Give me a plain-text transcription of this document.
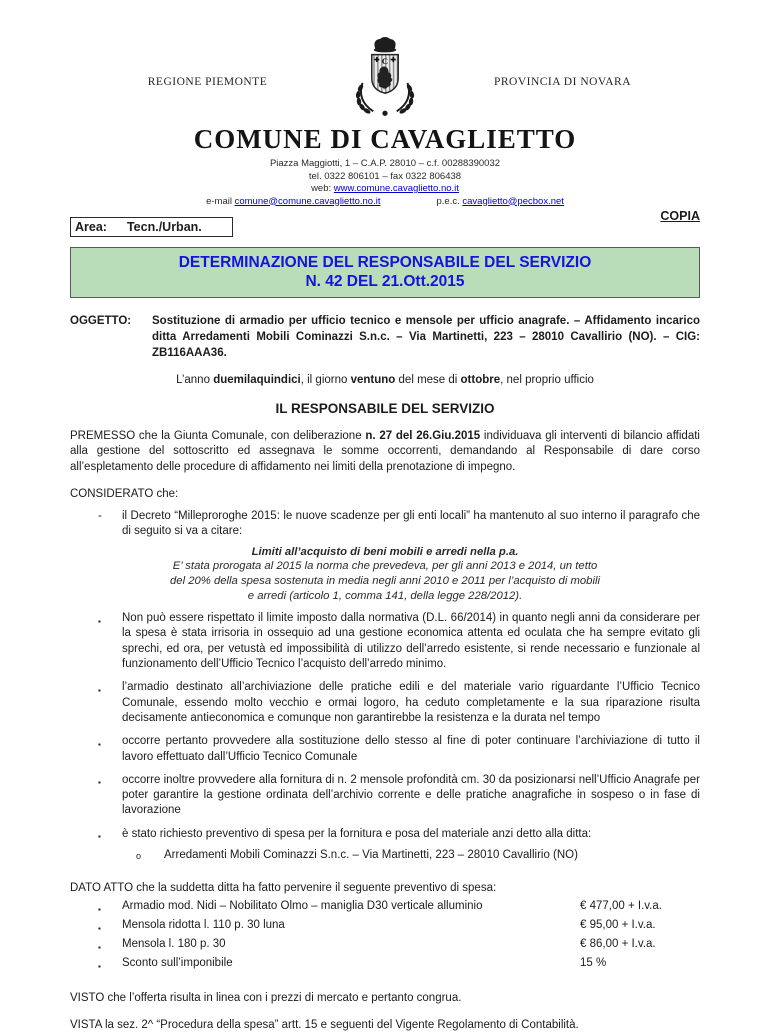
REGIONE PIEMONTE
C
PROVINCIA DI NOVARA
COMUNE DI CAVAGLIETTO
Piazza Maggiotti, 1 – C.A.P. 28010 – c.f. 00288390032
tel. 0322 806101 – fax 0322 806438
web: www.comune.cavaglietto.no.it
e-mail comune@comune.cavaglietto.no.it	p.e.c. cavaglietto@pecbox.net
COPIA
Area: Tecn./Urban.
DETERMINAZIONE DEL RESPONSABILE DEL SERVIZIO
N. 42 DEL 21.Ott.2015
OGGETTO:	Sostituzione di armadio per ufficio tecnico e mensole per ufficio anagrafe. – Affidamento incarico ditta Arredamenti Mobili Cominazzi S.n.c. – Via Martinetti, 223 – 28010 Cavallirio (NO). – CIG: ZB116AAA36.
L’anno duemilaquindici, il giorno ventuno del mese di ottobre, nel proprio ufficio
IL RESPONSABILE DEL SERVIZIO
PREMESSO che la Giunta Comunale, con deliberazione n. 27 del 26.Giu.2015 individuava gli interventi di bilancio affidati alla gestione del sottoscritto ed assegnava le somme occorrenti, demandando al Responsabile di dare corso all’espletamento delle procedure di affidamento nei limiti della prenotazione di impegno.
CONSIDERATO che:
-	il Decreto “Milleproroghe 2015: le nuove scadenze per gli enti locali” ha mantenuto al suo interno il paragrafo che di seguito si va a citare:
Limiti all’acquisto di beni mobili e arredi nella p.a.
E’ stata prorogata al 2015 la norma che prevedeva, per gli anni 2013 e 2014, un tetto
del 20% della spesa sostenuta in media negli anni 2010 e 2011 per l’acquisto di mobili
e arredi (articolo 1, comma 141, della legge 228/2012).
▪	Non può essere rispettato il limite imposto dalla normativa (D.L. 66/2014) in quanto negli anni da considerare per la spesa è stata irrisoria in ossequio ad una gestione economica attenta ed oculata che ha sempre evitato gli sprechi, ed ora, per vetustà ed impossibilità di utilizzo dell’arredo esistente, si rende necessario e funzionale al funzionamento dell’Ufficio Tecnico l’acquisto dell’arredo minimo.
▪	l’armadio destinato all’archiviazione delle pratiche edili e del materiale vario riguardante l’Ufficio Tecnico Comunale, essendo molto vecchio e ormai logoro, ha ceduto completamente e la sua riparazione risulta decisamente antieconomica e comunque non garantirebbe la resistenza e la durata nel tempo
▪	occorre pertanto provvedere alla sostituzione dello stesso al fine di poter continuare l’archiviazione di tutto il lavoro effettuato dall’Ufficio Tecnico Comunale
▪	occorre inoltre provvedere alla fornitura di n. 2 mensole profondità cm. 30 da posizionarsi nell’Ufficio Anagrafe per poter garantire la gestione ordinata dell’archivio corrente e delle pratiche anagrafiche in sospeso o in fase di lavorazione
▪	è stato richiesto preventivo di spesa per la fornitura e posa del materiale anzi detto alla ditta:
o	Arredamenti Mobili Cominazzi S.n.c. – Via Martinetti, 223 – 28010 Cavallirio (NO)
DATO ATTO che la suddetta ditta ha fatto pervenire il seguente preventivo di spesa:
▪	Armadio mod. Nidi – Nobilitato Olmo – maniglia D30 verticale alluminio	€ 477,00 + I.v.a.
▪	Mensola ridotta l. 110 p. 30 luna	€ 95,00 + I.v.a.
▪	Mensola l. 180 p. 30	€ 86,00 + I.v.a.
▪	Sconto sull’imponibile	15 %
VISTO che l’offerta risulta in linea con i prezzi di mercato e pertanto congrua.
VISTA la sez. 2^ “Procedura della spesa” artt. 15 e seguenti del Vigente Regolamento di Contabilità.
